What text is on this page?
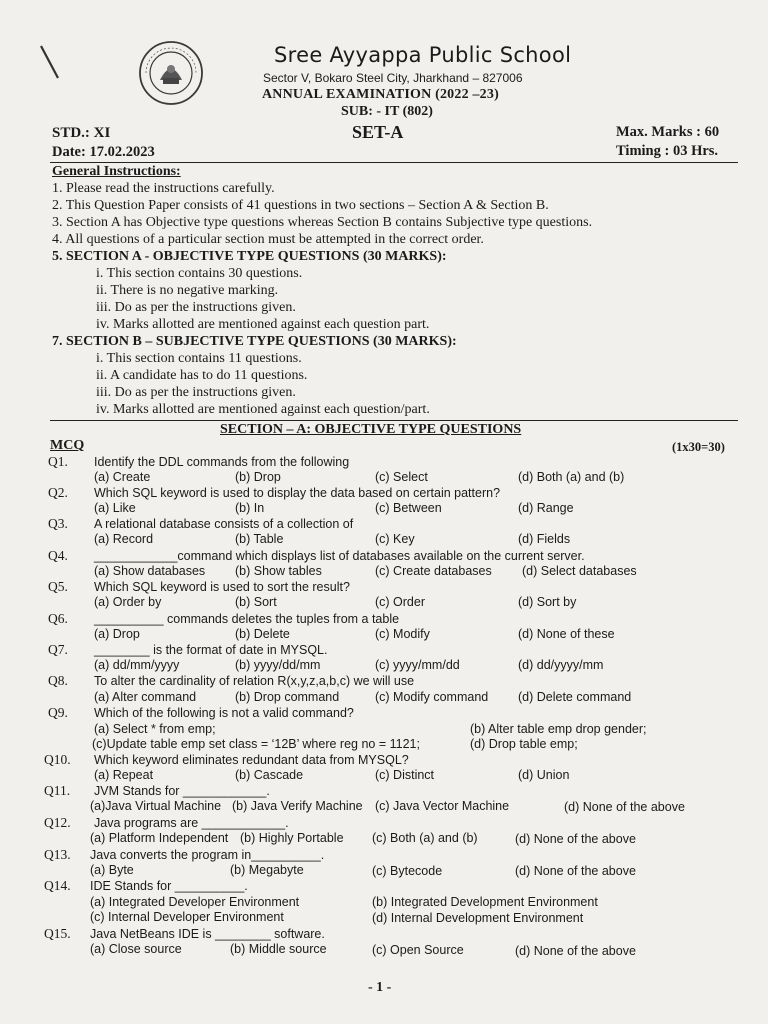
Sree Ayyappa Public School
Sector V, Bokaro Steel City, Jharkhand – 827006
ANNUAL EXAMINATION (2022 –23)
SUB: - IT (802)
STD.: XI	SET-A	Max. Marks : 60
Date: 17.02.2023	Timing : 03 Hrs.
General Instructions:
1. Please read the instructions carefully.
2. This Question Paper consists of 41 questions in two sections – Section A & Section B.
3. Section A has Objective type questions whereas Section B contains Subjective type questions.
4. All questions of a particular section must be attempted in the correct order.
5. SECTION A - OBJECTIVE TYPE QUESTIONS (30 MARKS):
i. This section contains 30 questions.
ii. There is no negative marking.
iii. Do as per the instructions given.
iv. Marks allotted are mentioned against each question part.
7. SECTION B – SUBJECTIVE TYPE QUESTIONS (30 MARKS):
i. This section contains 11 questions.
ii. A candidate has to do 11 questions.
iii. Do as per the instructions given.
iv. Marks allotted are mentioned against each question/part.
SECTION – A: OBJECTIVE TYPE QUESTIONS
MCQ	(1x30=30)
Q1. Identify the DDL commands from the following
(a) Create	(b) Drop	(c) Select	(d) Both (a) and (b)
Q2. Which SQL keyword is used to display the data based on certain pattern?
(a) Like	(b) In	(c) Between	(d) Range
Q3. A relational database consists of a collection of
(a) Record	(b) Table	(c) Key	(d) Fields
Q4. ____________command which displays list of databases available on the current server.
(a) Show databases (b) Show tables	(c) Create databases (d) Select databases
Q5. Which SQL keyword is used to sort the result?
(a) Order by	(b) Sort	(c) Order	(d) Sort by
Q6. __________ commands deletes the tuples from a table
(a) Drop	(b) Delete	(c) Modify	(d) None of these
Q7. ________ is the format of date in MYSQL.
(a) dd/mm/yyyy	(b) yyyy/dd/mm	(c) yyyy/mm/dd	(d) dd/yyyy/mm
Q8. To alter the cardinality of relation R(x,y,z,a,b,c) we will use
(a) Alter command	(b) Drop command	(c) Modify command (d) Delete command
Q9. Which of the following is not a valid command?
(a) Select * from emp;	(b) Alter table emp drop gender;
(c)Update table emp set class = ‘12B’ where reg no = 1121;	(d) Drop table emp;
Q10. Which keyword eliminates redundant data from MYSQL?
(a) Repeat	(b) Cascade	(c) Distinct	(d) Union
Q11. JVM Stands for ____________.
(a)Java Virtual Machine (b) Java Verify Machine (c) Java Vector Machine	(d) None of the above
Q12. Java programs are ____________.
(a) Platform Independent (b) Highly Portable (c) Both (a) and (b)	(d) None of the above
Q13. Java converts the program in__________.
(a) Byte	(b) Megabyte	(c) Bytecode	(d) None of the above
Q14. IDE Stands for __________.
(a) Integrated Developer Environment	(b) Integrated Development Environment
(c) Internal Developer Environment	(d) Internal Development Environment
Q15. Java NetBeans IDE is ________ software.
(a) Close source	(b) Middle source	(c) Open Source	(d) None of the above
- 1 -
